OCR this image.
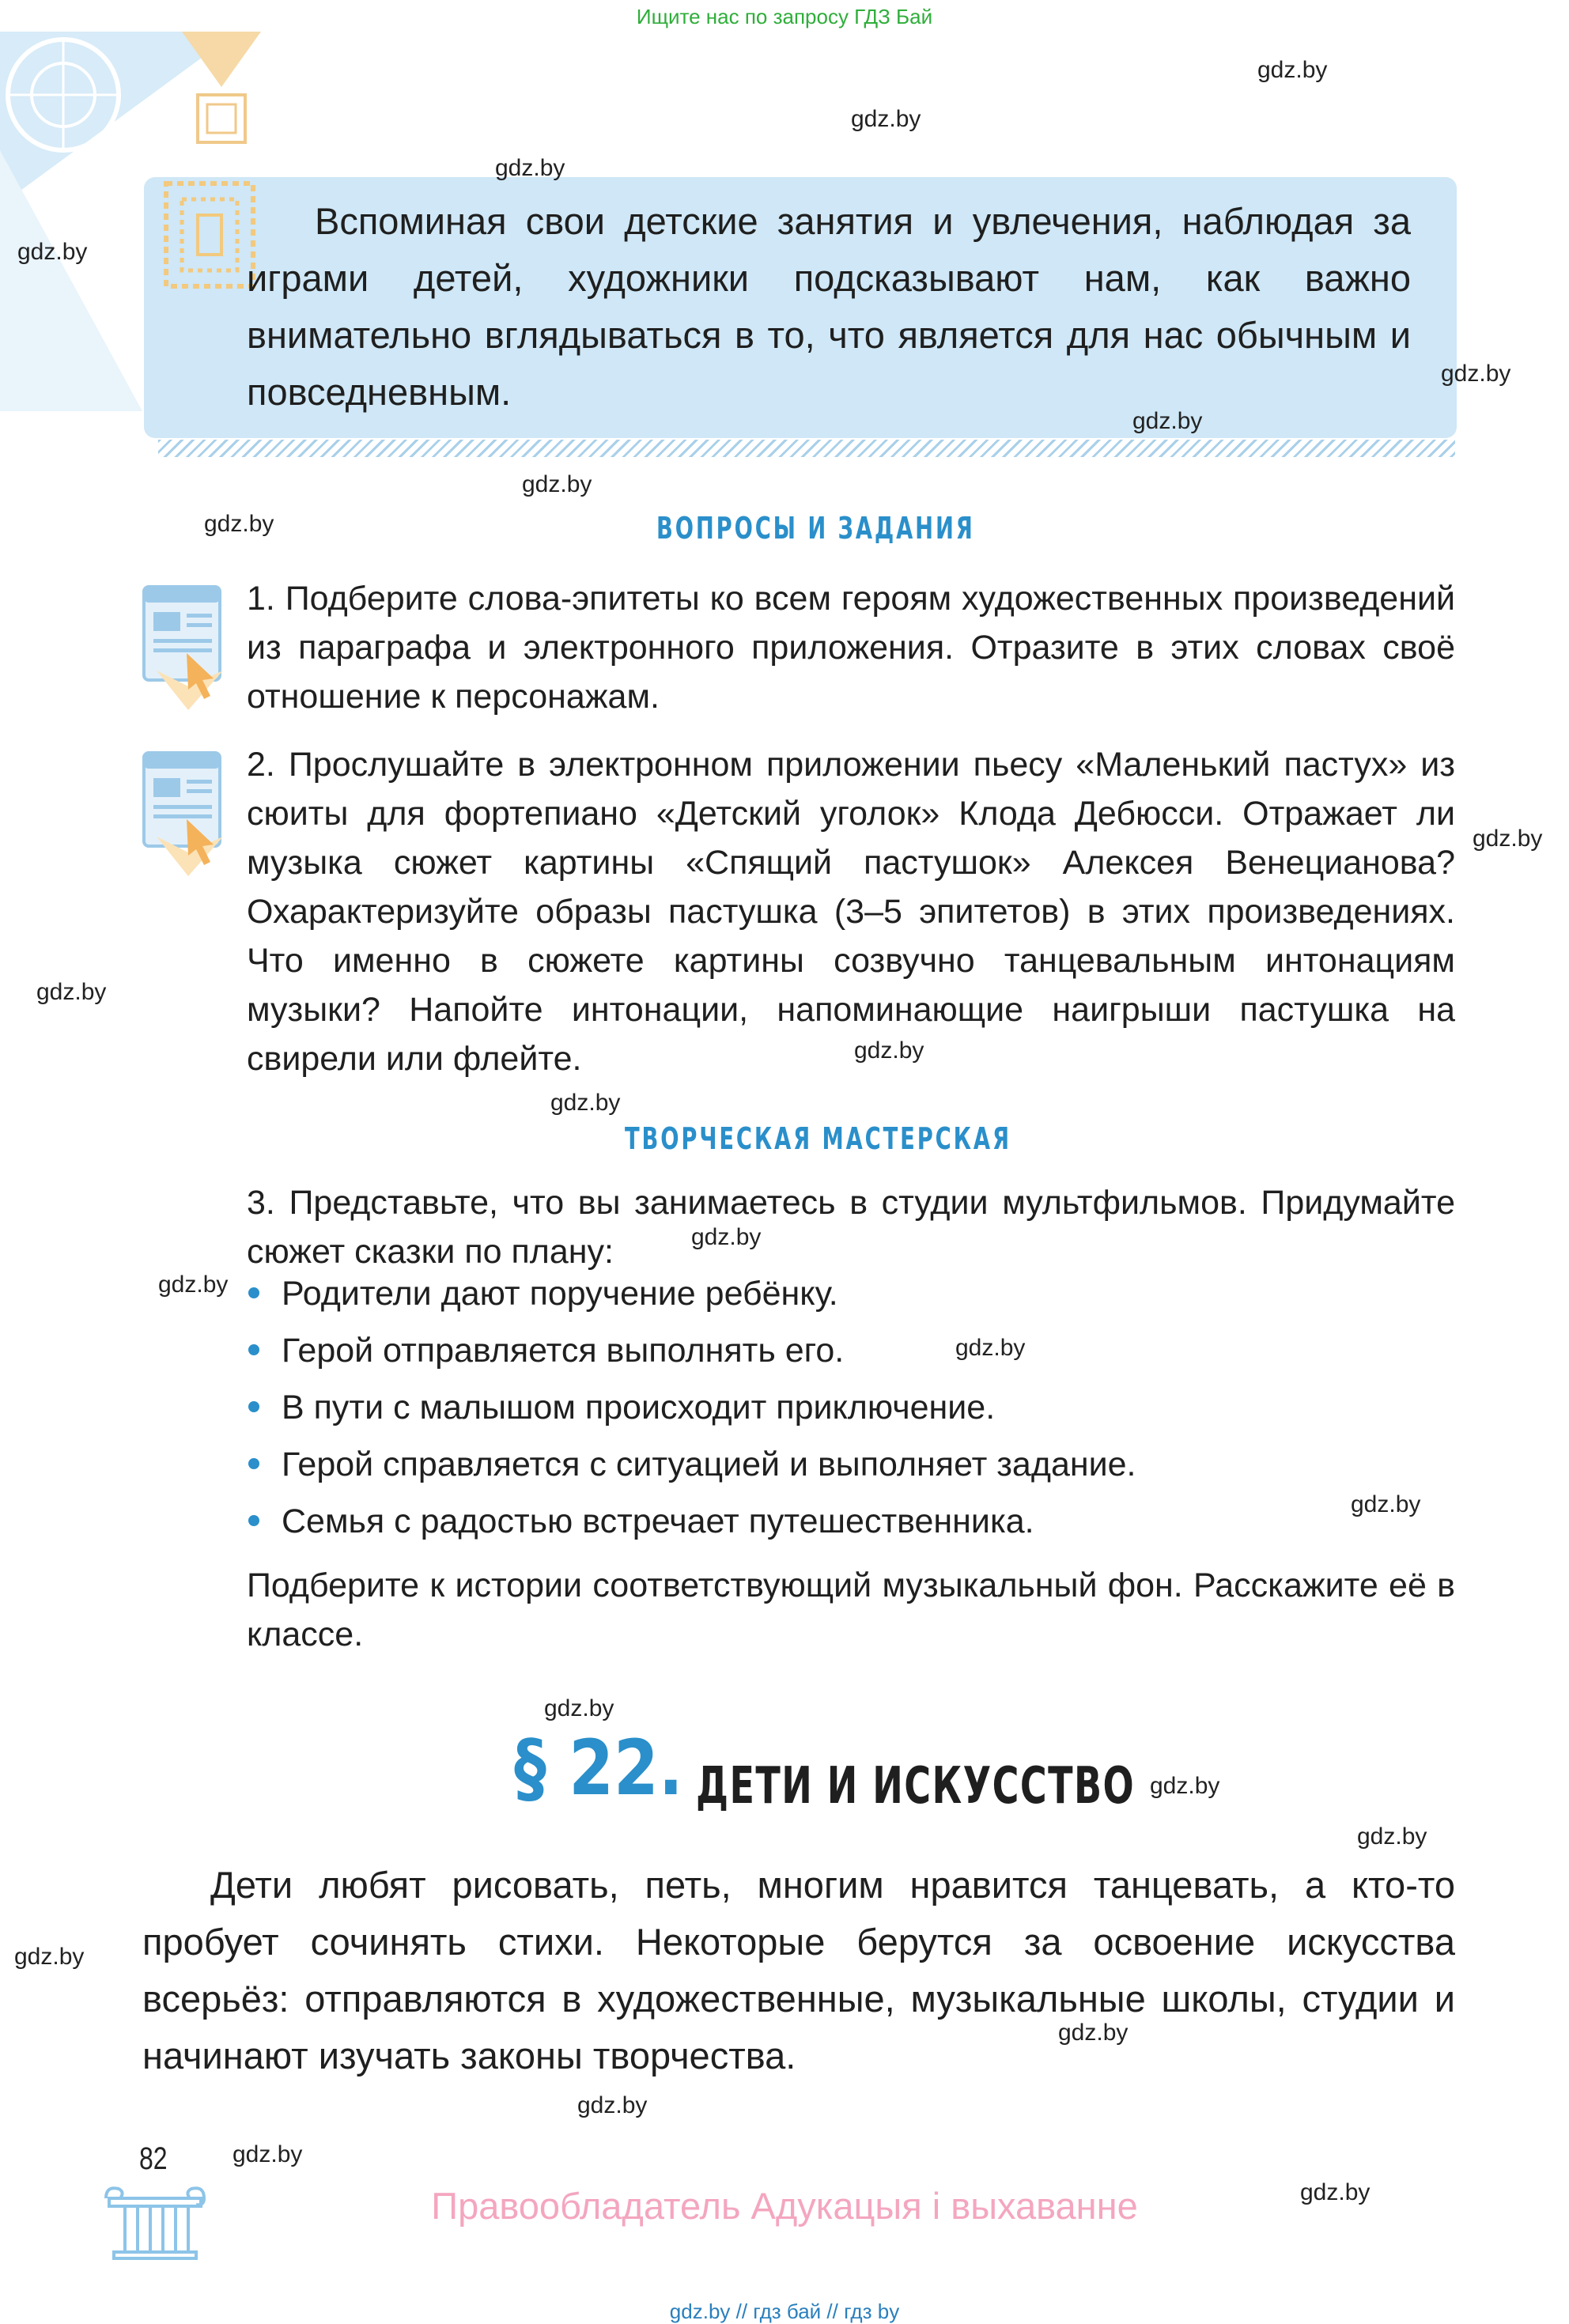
Ищите нас по запросу ГДЗ Бай
Вспоминая свои детские занятия и увлечения, наблюдая за играми детей, художники подсказывают нам, как важно внимательно вглядываться в то, что является для нас обычным и повседневным.
ВОПРОСЫ И ЗАДАНИЯ
1. Подберите слова-эпитеты ко всем героям художественных произведений из параграфа и электронного приложения. Отразите в этих словах своё отношение к персонажам.
2. Прослушайте в электронном приложении пьесу «Маленький пастух» из сюиты для фортепиано «Детский уголок» Клода Дебюсси. Отражает ли музыка сюжет картины «Спящий пастушок» Алексея Венецианова? Охарактеризуйте образы пастушка (3–5 эпитетов) в этих произведениях. Что именно в сюжете картины созвучно танцевальным интонациям музыки? Напойте интонации, напоминающие наигрыши пастушка на свирели или флейте.
ТВОРЧЕСКАЯ МАСТЕРСКАЯ
3. Представьте, что вы занимаетесь в студии мультфильмов. Придумайте сюжет сказки по плану:
Родители дают поручение ребёнку.
Герой отправляется выполнять его.
В пути с малышом происходит приключение.
Герой справляется с ситуацией и выполняет задание.
Семья с радостью встречает путешественника.
Подберите к истории соответствующий музыкальный фон. Расскажите её в классе.
§ 22. ДЕТИ И ИСКУССТВО
Дети любят рисовать, петь, многим нравится танцевать, а кто-то пробует сочинять стихи. Некоторые берутся за освоение искусства всерьёз: отправляются в художественные, музыкальные школы, студии и начинают изучать законы творчества.
82
Правообладатель Адукацыя і выхаванне
gdz.by // гдз бай // гдз by
gdz.by
gdz.by
gdz.by
gdz.by
gdz.by
gdz.by
gdz.by
gdz.by
gdz.by
gdz.by
gdz.by
gdz.by
gdz.by
gdz.by
gdz.by
gdz.by
gdz.by
gdz.by
gdz.by
gdz.by
gdz.by
gdz.by
gdz.by
gdz.by
